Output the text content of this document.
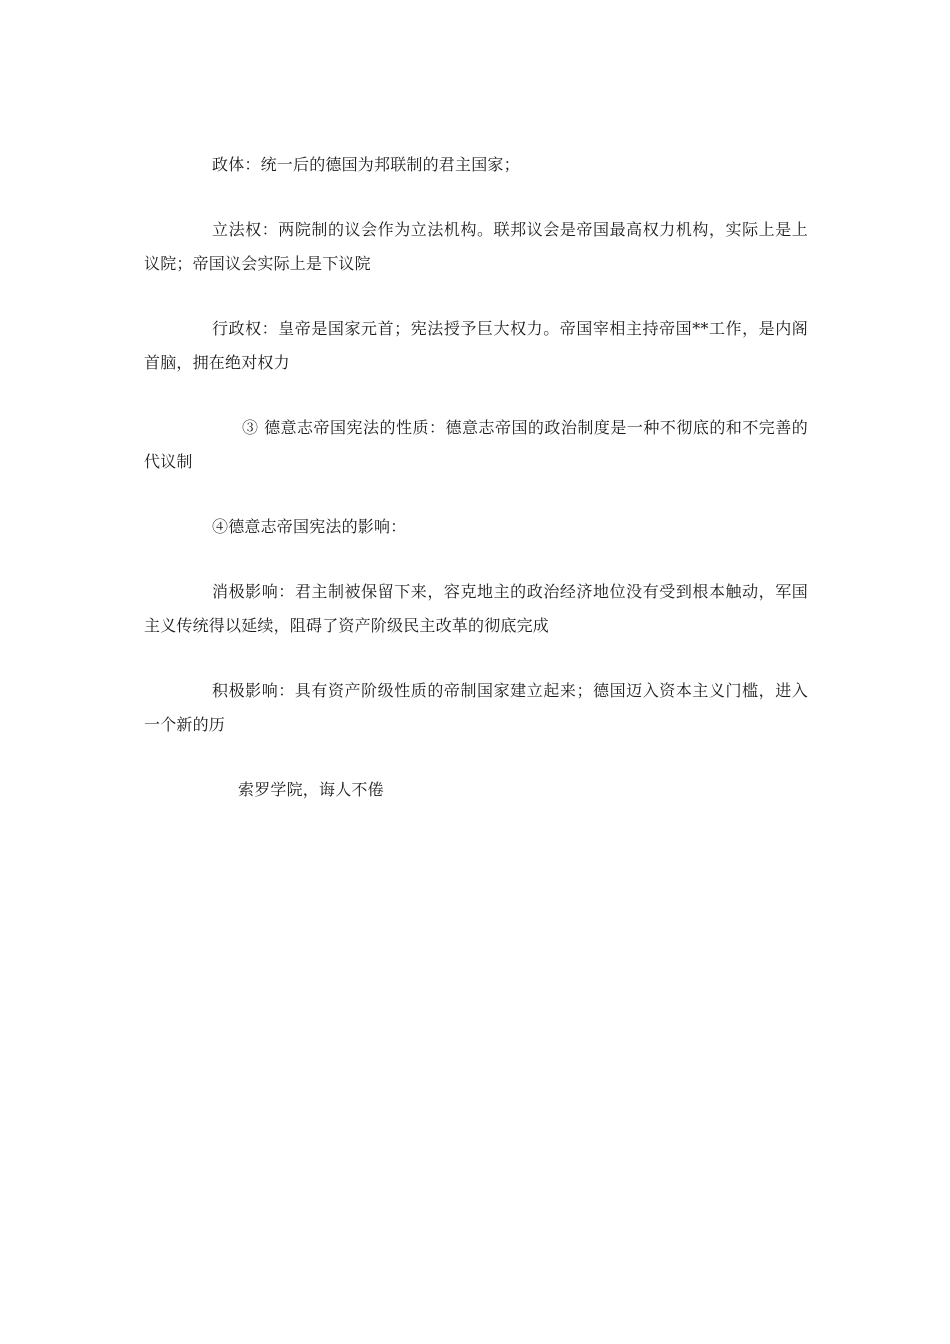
政体：统一后的德国为邦联制的君主国家；

立法权：两院制的议会作为立法机构。联邦议会是帝国最高权力机构，实际上是上议院；帝国议会实际上是下议院

行政权：皇帝是国家元首；宪法授予巨大权力。帝国宰相主持帝国**工作，是内阁首脑，拥在绝对权力

③ 德意志帝国宪法的性质：德意志帝国的政治制度是一种不彻底的和不完善的代议制

④德意志帝国宪法的影响：

消极影响：君主制被保留下来，容克地主的政治经济地位没有受到根本触动，军国主义传统得以延续，阻碍了资产阶级民主改革的彻底完成

积极影响：具有资产阶级性质的帝制国家建立起来；德国迈入资本主义门槛，进入一个新的历

索罗学院，诲人不倦
